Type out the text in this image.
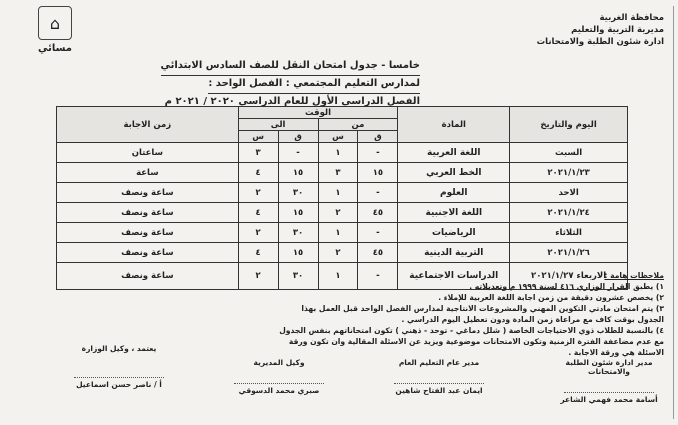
محافظة الغربية
مديرية التربية والتعليم
ادارة شئون الطلبة والامتحانات
⌂
مسائي
خامسا - جدول امتحان النقل للصف السادس الابتدائي
لمدارس التعليم المجتمعي : الفصل الواحد :
الفصل الدراسي الأول للعام الدراسي ٢٠٢٠ / ٢٠٢١ م
اليوم والتاريخ	المادة	الوقت				زمن الاجابة
		من		الى		
		ق	س	ق	س	
السبت	اللغة العربية	-	١	-	٣	ساعتان
٢٠٢١/١/٢٣	الخط العربي	١٥	٣	١٥	٤	ساعة
الاحد	العلوم	-	١	٣٠	٢	ساعة ونصف
٢٠٢١/١/٢٤	اللغة الاجنبية	٤٥	٢	١٥	٤	ساعة ونصف
الثلاثاء	الرياضيات	-	١	٣٠	٢	ساعة ونصف
٢٠٢١/١/٢٦	التربية الدينية	٤٥	٢	١٥	٤	ساعة ونصف
الاربعاء ٢٠٢١/١/٢٧	الدراسات الاجتماعية	-	١	٣٠	٢	ساعة ونصف	ملاحظات هامة :
١) يطبق القرار الوزاري ٤١٦ لسنة ١٩٩٩ م وتعديلاته .
٢) يخصص عشرون دقيقة من زمن اجابة اللغة العربية للإملاء .
٣) يتم امتحان مادتي التكوين المهني والمشروعات الانتاجية لمدارس الفصل الواحد قبل العمل بهذا
الجدول بوقت كاف مع مراعاة زمن المادة ودون تعطيل اليوم الدراسي .
٤) بالنسبة للطلاب ذوي الاحتياجات الخاصة ( شلل دماغي - توحد - ذهني ) تكون امتحاناتهم بنفس الجدول
مع عدم مضاعفة الفترة الزمنية وتكون الامتحانات موضوعية ويزيد عن الاسئلة المقالية وان تكون ورقة
الاسئلة هي ورقة الاجابة .
مدير ادارة شئون الطلبة والامتحانات
أسامة محمد فهمي الشاعر
مدير عام التعليم العام
ايمان عبد الفتاح شاهين
وكيل المديرية
صبري محمد الدسوقي
يعتمد ، وكيل الوزارة
أ / ناصر حسن اسماعيل
